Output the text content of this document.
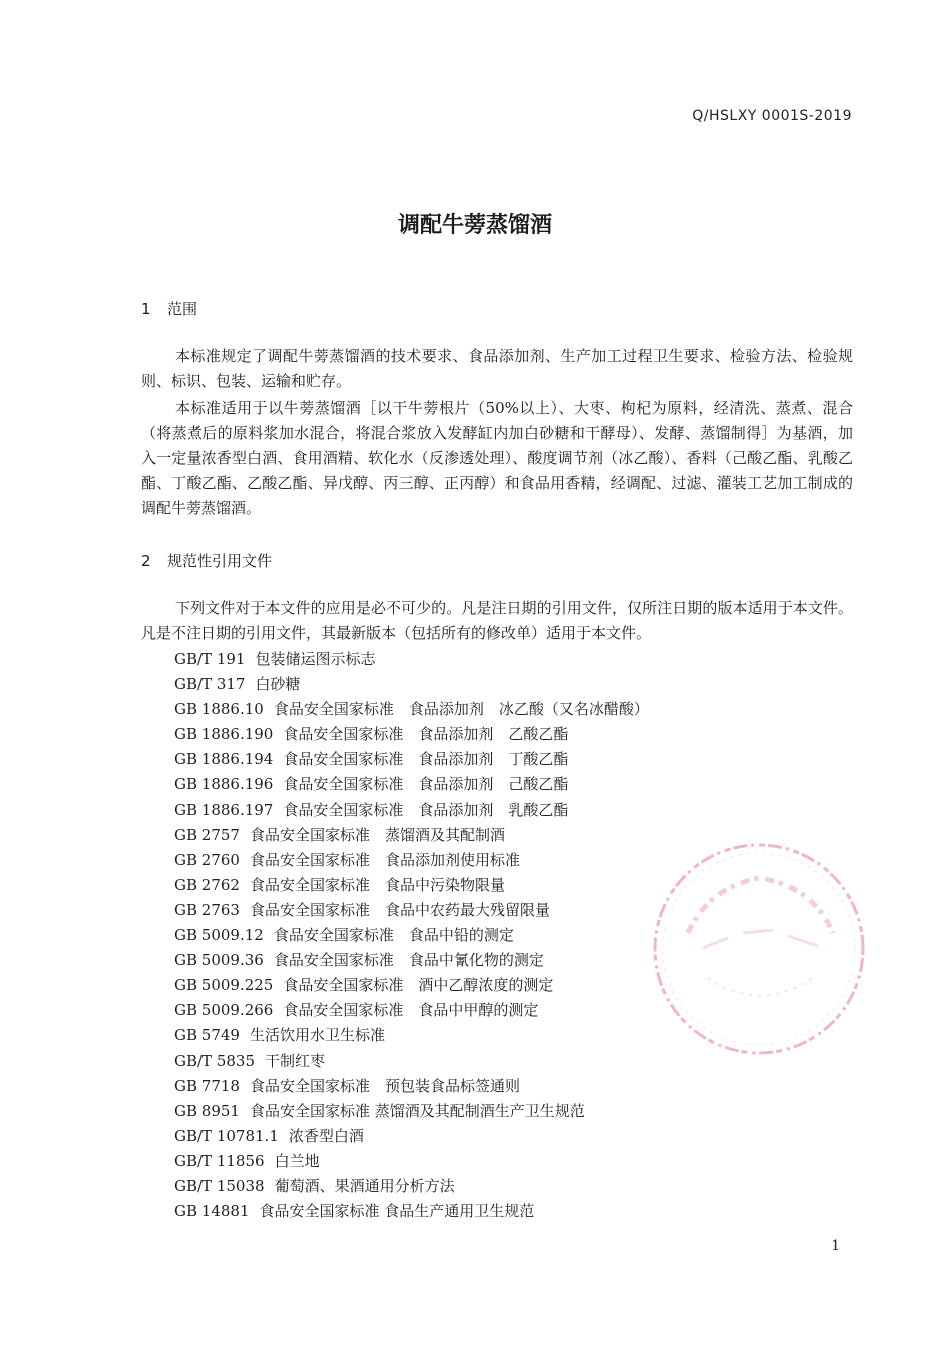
Q/HSLXY 0001S-2019
调配牛蒡蒸馏酒
1 范围
本标准规定了调配牛蒡蒸馏酒的技术要求、食品添加剂、生产加工过程卫生要求、检验方法、检验规则、标识、包装、运输和贮存。
本标准适用于以牛蒡蒸馏酒［以干牛蒡根片（50%以上）、大枣、枸杞为原料，经清洗、蒸煮、混合（将蒸煮后的原料浆加水混合，将混合浆放入发酵缸内加白砂糖和干酵母）、发酵、蒸馏制得］为基酒，加入一定量浓香型白酒、食用酒精、软化水（反渗透处理）、酸度调节剂（冰乙酸）、香料（己酸乙酯、乳酸乙酯、丁酸乙酯、乙酸乙酯、异戊醇、丙三醇、正丙醇）和食品用香精，经调配、过滤、灌装工艺加工制成的调配牛蒡蒸馏酒。
2 规范性引用文件
下列文件对于本文件的应用是必不可少的。凡是注日期的引用文件，仅所注日期的版本适用于本文件。凡是不注日期的引用文件，其最新版本（包括所有的修改单）适用于本文件。
GB/T 191 包装储运图示标志
GB/T 317 白砂糖
GB 1886.10 食品安全国家标准　食品添加剂　冰乙酸（又名冰醋酸）
GB 1886.190 食品安全国家标准　食品添加剂　乙酸乙酯
GB 1886.194 食品安全国家标准　食品添加剂　丁酸乙酯
GB 1886.196 食品安全国家标准　食品添加剂　己酸乙酯
GB 1886.197 食品安全国家标准　食品添加剂　乳酸乙酯
GB 2757 食品安全国家标准　蒸馏酒及其配制酒
GB 2760 食品安全国家标准　食品添加剂使用标准
GB 2762 食品安全国家标准　食品中污染物限量
GB 2763 食品安全国家标准　食品中农药最大残留限量
GB 5009.12 食品安全国家标准　食品中铅的测定
GB 5009.36 食品安全国家标准　食品中氰化物的测定
GB 5009.225 食品安全国家标准　酒中乙醇浓度的测定
GB 5009.266 食品安全国家标准　食品中甲醇的测定
GB 5749 生活饮用水卫生标准
GB/T 5835 干制红枣
GB 7718 食品安全国家标准　预包装食品标签通则
GB 8951 食品安全国家标准 蒸馏酒及其配制酒生产卫生规范
GB/T 10781.1 浓香型白酒
GB/T 11856 白兰地
GB/T 15038 葡萄酒、果酒通用分析方法
GB 14881 食品安全国家标准 食品生产通用卫生规范
1
